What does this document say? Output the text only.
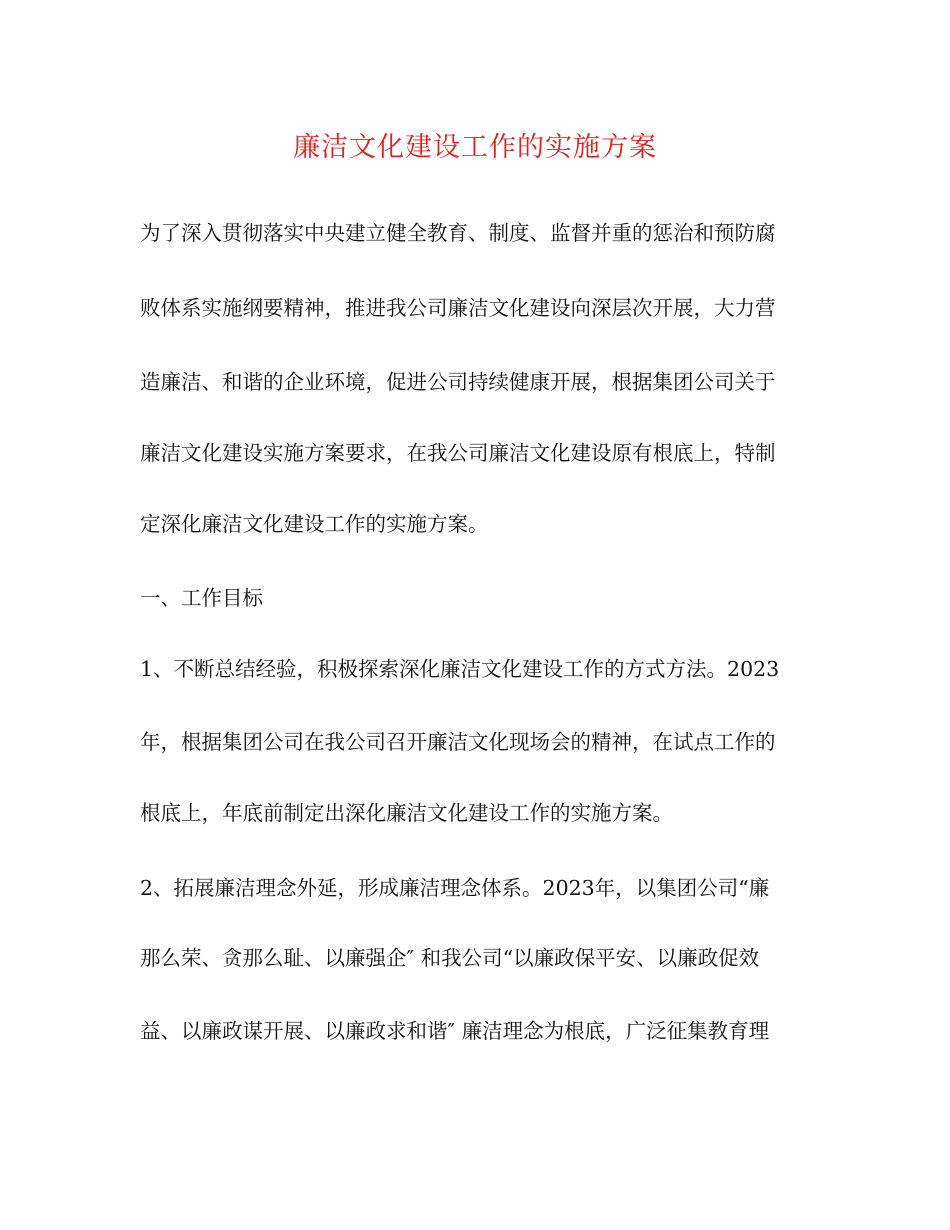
廉洁文化建设工作的实施方案
为了深入贯彻落实中央建立健全教育、制度、监督并重的惩治和预防腐
败体系实施纲要精神，推进我公司廉洁文化建设向深层次开展，大力营
造廉洁、和谐的企业环境，促进公司持续健康开展，根据集团公司关于
廉洁文化建设实施方案要求，在我公司廉洁文化建设原有根底上，特制
定深化廉洁文化建设工作的实施方案。
一、工作目标
1、不断总结经验，积极探索深化廉洁文化建设工作的方式方法。2023
年，根据集团公司在我公司召开廉洁文化现场会的精神，在试点工作的
根底上，年底前制定出深化廉洁文化建设工作的实施方案。
2、拓展廉洁理念外延，形成廉洁理念体系。2023年，以集团公司“廉
那么荣、贪那么耻、以廉强企″ 和我公司“以廉政保平安、以廉政促效
益、以廉政谋开展、以廉政求和谐″ 廉洁理念为根底，广泛征集教育理
